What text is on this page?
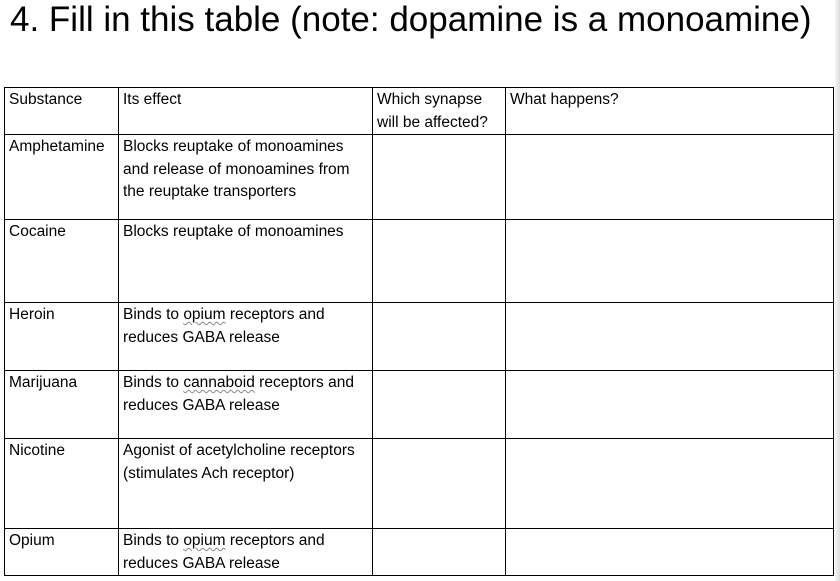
4. Fill in this table (note: dopamine is a monoamine)
Substance	Its effect	Which synapse will be affected?	What happens?
Amphetamine	Blocks reuptake of monoamines and release of monoamines from the reuptake transporters		
Cocaine	Blocks reuptake of monoamines		
Heroin	Binds to opium receptors and reduces GABA release		
Marijuana	Binds to cannaboid receptors and reduces GABA release		
Nicotine	Agonist of acetylcholine receptors (stimulates Ach receptor)		
Opium	Binds to opium receptors and reduces GABA release		
